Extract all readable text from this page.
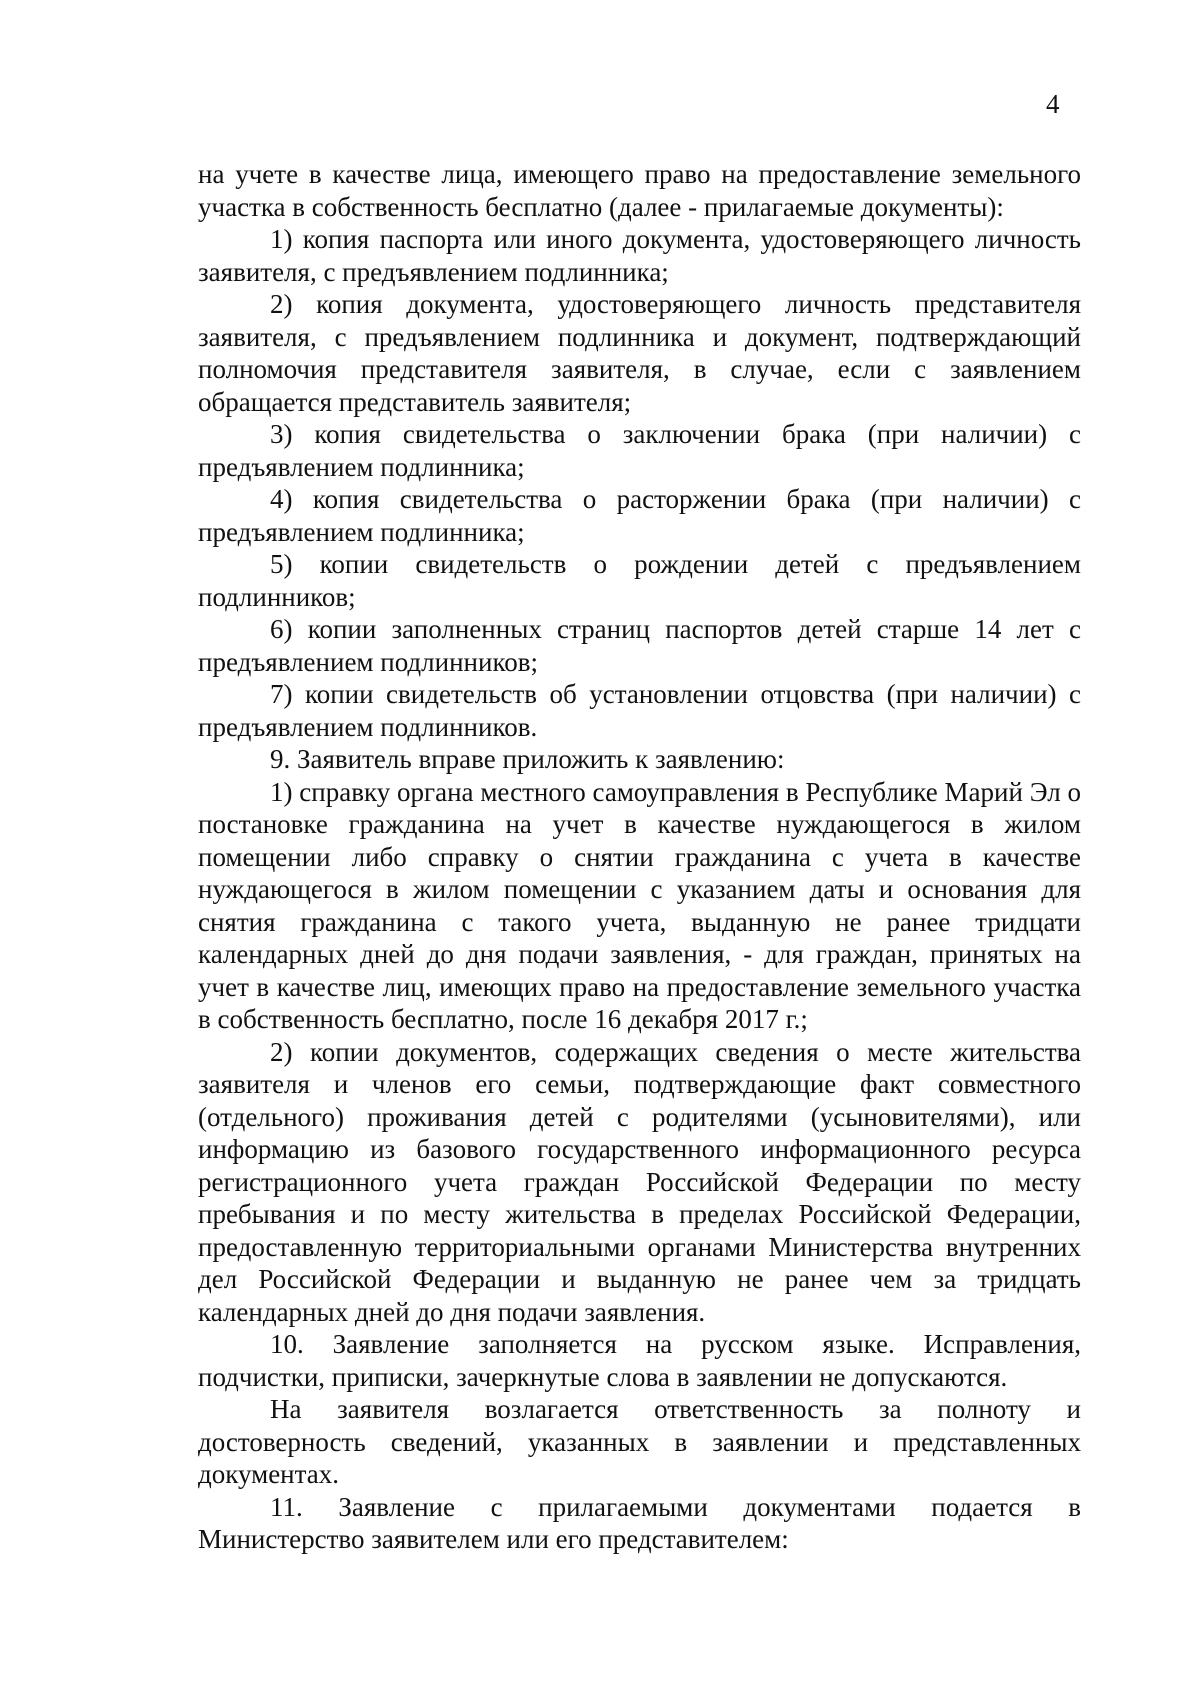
4

на учете в качестве лица, имеющего право на предоставление земельного участка в собственность бесплатно (далее - прилагаемые документы):

1) копия паспорта или иного документа, удостоверяющего личность заявителя, с предъявлением подлинника;

2) копия документа, удостоверяющего личность представителя заявителя, с предъявлением подлинника и документ, подтверждающий полномочия представителя заявителя, в случае, если с заявлением обращается представитель заявителя;

3) копия свидетельства о заключении брака (при наличии) с предъявлением подлинника;

4) копия свидетельства о расторжении брака (при наличии) с предъявлением подлинника;

5) копии свидетельств о рождении детей с предъявлением подлинников;

6) копии заполненных страниц паспортов детей старше 14 лет с предъявлением подлинников;

7) копии свидетельств об установлении отцовства (при наличии) с предъявлением подлинников.

9. Заявитель вправе приложить к заявлению:

1) справку органа местного самоуправления в Республике Марий Эл о постановке гражданина на учет в качестве нуждающегося в жилом помещении либо справку о снятии гражданина с учета в качестве нуждающегося в жилом помещении с указанием даты и основания для снятия гражданина с такого учета, выданную не ранее тридцати календарных дней до дня подачи заявления, - для граждан, принятых на учет в качестве лиц, имеющих право на предоставление земельного участка в собственность бесплатно, после 16 декабря 2017 г.;

2) копии документов, содержащих сведения о месте жительства заявителя и членов его семьи, подтверждающие факт совместного (отдельного) проживания детей с родителями (усыновителями), или информацию из базового государственного информационного ресурса регистрационного учета граждан Российской Федерации по месту пребывания и по месту жительства в пределах Российской Федерации, предоставленную территориальными органами Министерства внутренних дел Российской Федерации и выданную не ранее чем за тридцать календарных дней до дня подачи заявления.

10. Заявление заполняется на русском языке. Исправления, подчистки, приписки, зачеркнутые слова в заявлении не допускаются.

На заявителя возлагается ответственность за полноту и достоверность сведений, указанных в заявлении и представленных документах.

11. Заявление с прилагаемыми документами подается в Министерство заявителем или его представителем:
